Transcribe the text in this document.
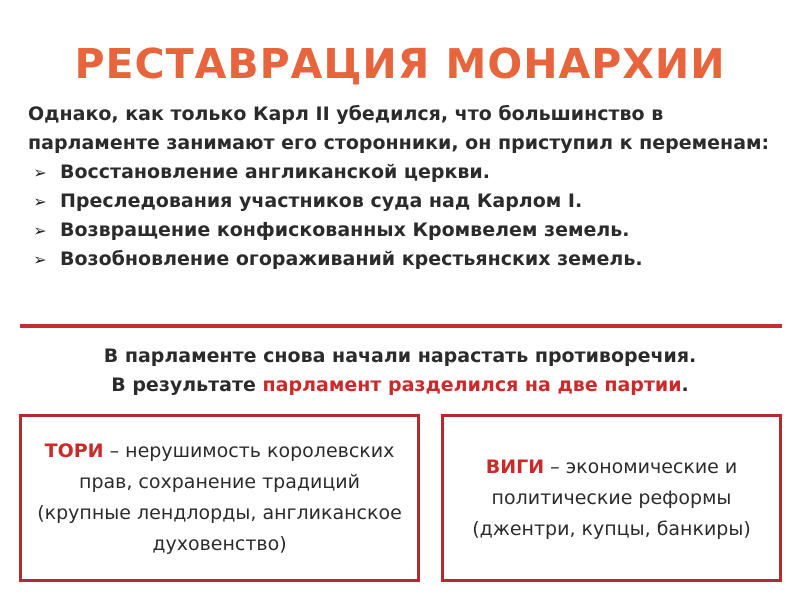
РЕСТАВРАЦИЯ МОНАРХИИ
Однако, как только Карл II убедился, что большинство в парламенте занимают его сторонники, он приступил к переменам:
➢ Восстановление англиканской церкви.
➢ Преследования участников суда над Карлом I.
➢ Возвращение конфискованных Кромвелем земель.
➢ Возобновление огораживаний крестьянских земель.
В парламенте снова начали нарастать противоречия.
В результате парламент разделился на две партии.
ТОРИ – нерушимость королевских прав, сохранение традиций (крупные лендлорды, англиканское духовенство)
ВИГИ – экономические и политические реформы (джентри, купцы, банкиры)
